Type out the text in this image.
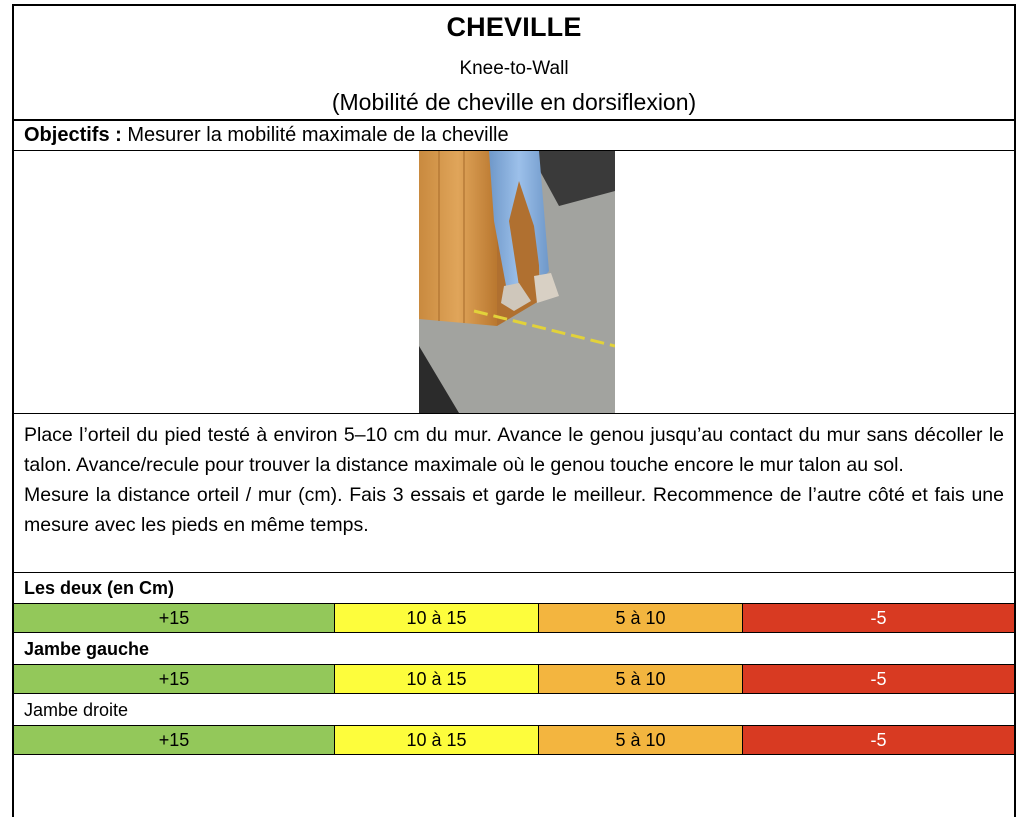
CHEVILLE
Knee-to-Wall
(Mobilité de cheville en dorsiflexion)
Objectifs : Mesurer la mobilité maximale de la cheville

Place l’orteil du pied testé à environ 5–10 cm du mur. Avance le genou jusqu’au contact du mur sans décoller le talon. Avance/recule pour trouver la distance maximale où le genou touche encore le mur talon au sol.

Mesure la distance orteil / mur (cm). Fais 3 essais et garde le meilleur. Recommence de l’autre côté et fais une mesure avec les pieds en même temps.

Les deux (en Cm)
+15	10 à 15	5 à 10	-5
Jambe gauche
+15	10 à 15	5 à 10	-5
Jambe droite
+15	10 à 15	5 à 10	-5
